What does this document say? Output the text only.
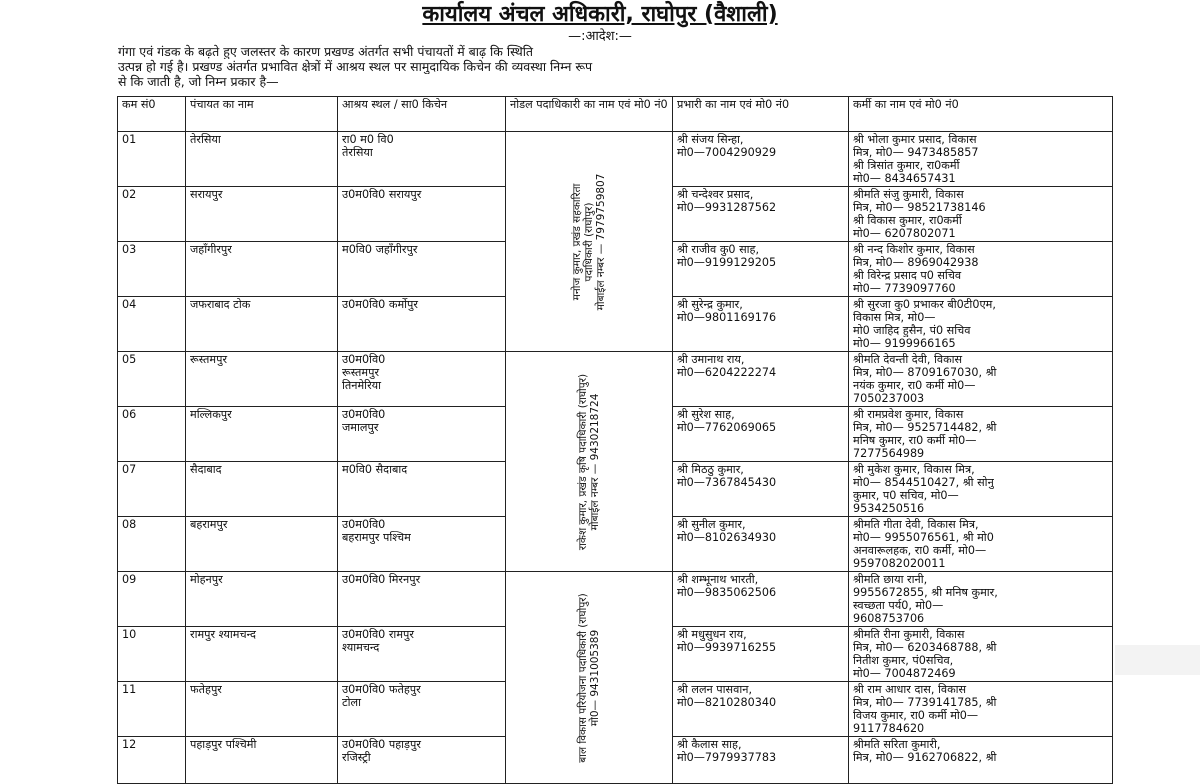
कार्यालय अंचल अधिकारी, राघोपुर (वैशाली)
—:आदेश:—
गंगा एवं गंडक के बढ़ते हुए जलस्तर के कारण प्रखण्ड अंतर्गत सभी पंचायतों में बाढ़ कि स्थिति
उत्पन्न हो गई है। प्रखण्ड अंतर्गत प्रभावित क्षेत्रों में आश्रय स्थल पर सामुदायिक किचेन की व्यवस्था निम्न रूप
से कि जाती है, जो निम्न प्रकार है—
कम सं0	पंचायत का नाम	आश्रय स्थल / सा0 किचेन	नोडल पदाधिकारी का नाम एवं मो0 नं0	प्रभारी का नाम एवं मो0 नं0	कर्मी का नाम एवं मो0 नं0
01	तेरसिया	रा0 म0 वि0
तेरसिया	मनोज कुमार, प्रखंड सहकारिता पदाधिकारी (राघोपुर) मोबाईल नम्बर — 7979759807	श्री संजय सिन्हा,
मो0—7004290929	श्री भोला कुमार प्रसाद, विकास
मित्र, मो0— 9473485857
श्री त्रिसांत कुमार, रा0कर्मी
मो0— 8434657431

02	सरायपुर	उ0म0वि0 सरायपुर		श्री चन्देश्वर प्रसाद,
मो0—9931287562	श्रीमति संजु कुमारी, विकास
मित्र, मो0— 98521738146
श्री विकास कुमार, रा0कर्मी
मो0— 6207802071

03	जहाँगीरपुर	म0वि0 जहाँगीरपुर		श्री राजीव कु0 साह,
मो0—9199129205	श्री नन्द किशोर कुमार, विकास
मित्र, मो0— 8969042938
श्री विरेन्द्र प्रसाद प0 सचिव
मो0— 7739097760

04	जफराबाद टोक	उ0म0वि0 कर्मोपुर		श्री सुरेन्द्र कुमार,
मो0—9801169176	श्री सुरजा कु0 प्रभाकर बी0टी0एम,
विकास मित्र, मो0—
मो0 जाहिद हुसैन, पं0 सचिव
मो0— 9199966165

05	रूस्तमपुर	उ0म0वि0
रूस्तमपुर
तिनमेरिया	राकेश कुमार, प्रखंड कृषि पदाधिकारी (राघोपुर) मोबाईल नम्बर — 9430218724	श्री उमानाथ राय,
मो0—6204222274	श्रीमति देवन्ती देवी, विकास
मित्र, मो0— 8709167030, श्री
नयंक कुमार, रा0 कर्मी मो0—
7050237003

06	मल्लिकपुर	उ0म0वि0
जमालपुर		श्री सुरेश साह,
मो0—7762069065	श्री रामप्रवेश कुमार, विकास
मित्र, मो0— 9525714482, श्री
मनिष कुमार, रा0 कर्मी मो0—
7277564989

07	सैदाबाद	म0वि0 सैदाबाद		श्री मिठठु कुमार,
मो0—7367845430	श्री मुकेश कुमार, विकास मित्र,
मो0— 8544510427, श्री सोनु
कुमार, प0 सचिव, मो0—
9534250516

08	बहरामपुर	उ0म0वि0
बहरामपुर पश्चिम		श्री सुनील कुमार,
मो0—8102634930	श्रीमति गीता देवी, विकास मित्र,
मो0— 9955076561, श्री मो0
अनवारूलहक, रा0 कर्मी, मो0—
9597082020011

09	मोहनपुर	उ0म0वि0 मिरनपुर	बाल विकास परियोजना पदाधिकारी (राघोपुर) मो0— 9431005389	श्री शम्भूनाथ भारती,
मो0—9835062506	श्रीमति छाया रानी,
9955672855, श्री मनिष कुमार,
स्वच्छता पर्य0, मो0—
9608753706

10	रामपुर श्यामचन्द	उ0म0वि0 रामपुर
श्यामचन्द		श्री मधुसुधन राय,
मो0—9939716255	श्रीमति रीना कुमारी, विकास
मित्र, मो0— 6203468788, श्री
नितीश कुमार, पं0सचिव,
मो0— 7004872469

11	फतेहपुर	उ0म0वि0 फतेहपुर
टोला		श्री ललन पासवान,
मो0—8210280340	श्री राम आधार दास, विकास
मित्र, मो0— 7739141785, श्री
विजय कुमार, रा0 कर्मी मो0—
9117784620

12	पहाड़पुर पश्चिमी	उ0म0वि0 पहाड़पुर
रजिस्ट्री		श्री कैलास साह,
मो0—7979937783	श्रीमति सरिता कुमारी,
मित्र, मो0— 9162706822, श्री
